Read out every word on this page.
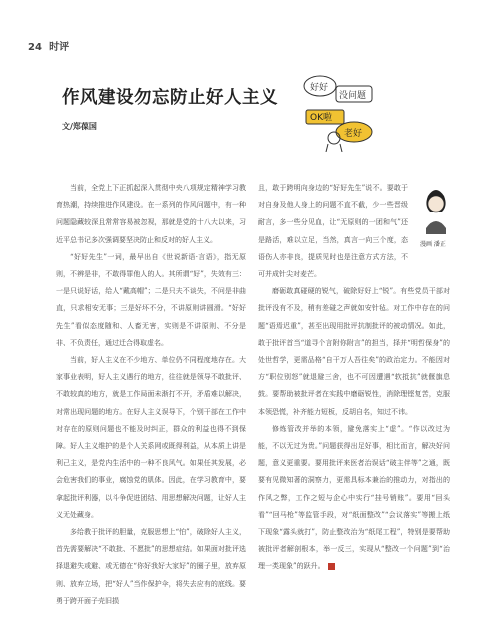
24 时评
作风建设勿忘防止好人主义
文/郑葆国
好好
没问题
OK啦
老好

当前，全党上下正抓起深入贯彻中央八项规定精神学习教育热潮，持续推进作风建设。在一系列的作风问题中，有一种问题隐藏较深且常常容易被忽视，那就是党的十八大以来，习近平总书记多次强调要坚决防止和反对的好人主义。

“好好先生”一词，最早出自《世说新语·言语》，指无原则，不辨是非，不敢得罪他人的人。其所谓“好”，失效有三：一是只说好话，给人“戴高帽”；二是只夫不谈失，不问是非曲直，只求相安无事；三是好坏不分，不讲原则讲圆滑。“好好先生”看似态度随和、人畜无害，实则是不讲原则、不分是非、不负责任，通过迁合得取虚名。

当前，好人主义在不少地方、单位仍不同程度地存在。大家事业表明，好人主义遇行的地方，往往就是领导不敢批评、不敢较真的地方，就是工作局面未渐打不开，矛盾难以解决，对常出现问题的地方。在好人主义误导下，个别干部在工作中对存在的原则问题也不能及时纠正，群众的利益也得不到保障。好人主义维护的是个人关系网或既得利益，从本质上讲是利己主义，是党内生活中的一种不良风气。如果任其发展，必会危害我们的事业，腐蚀党的肌体。因此，在学习教育中，要拿起批评利器，以斗争促进团结、用思想解决问题，让好人主义无处藏身。

多给教于批评的胆量，克服思想上“怕”，破除好人主义，首先需要解决“不敢批、不愿批”的思想症结。如果面对批评选择退避失或避、或无德在“你好我好大家好”的圈子里，放弃原则、放弃立场，把“好人”当作保护伞，将失去应有的底线。要勇于跨开面子壳旧损

漫画 潘正

且，敢于跨明向身边的“好好先生”说不。要敢于对自身及他人身上的问题不直不截，少一些晋级耐言，多一些分见血，让“无原则的一团和气”还是路活，难以立足，当然，真言一向三个度，态语伤人亦非良，提质见时也是注意方式方法，不可并成针尖对麦芒。

磨砺敢真碰硬的锐气，破除好好上“锐”。有些党员干部对批评没有不及，稍有差碰之声就如安针毡。对工作中存在的问题“语焉迟重”，甚至出现用批评抗制批评的被动情况。如此，敢于批评首当“道寻个言附你附言”的担当，择并“明哲保身”的处世哲学，更需品格“自干万人吾往矣”的政治定力。不能因对方“职位别怒”就退避三舍，也不可因遭遇“软抵抗”就偃旗息鼓。要帮助被批评者在实践中磨砺锐性，消除理铿复苦，克服本领恐慌，补齐能力短板，反胡自名，知过不讳。

修炼管改并举的本领，避免落实上“虚”。“作以改过为能，不以无过为贵。”问题获得出足好事，相比而言，解决好问题，意义更重要。要用批评来医者治误话“破主伴等”之通，既要有见微知著的洞察力，更需具标本兼治的推动力，对指出的作风之弊，工作之短与企心中实行“挂号销账”。要用“回头看”“回马枪”等监管手段，对“纸面整改”“会议落实”等搬上纸下现象“露头就打”，防止整改治为“纸尾工程”，特别是要帮助被批评者解剖根本，举一反三，实现从“整改一个问题”到“治理一类现象”的跃升。
